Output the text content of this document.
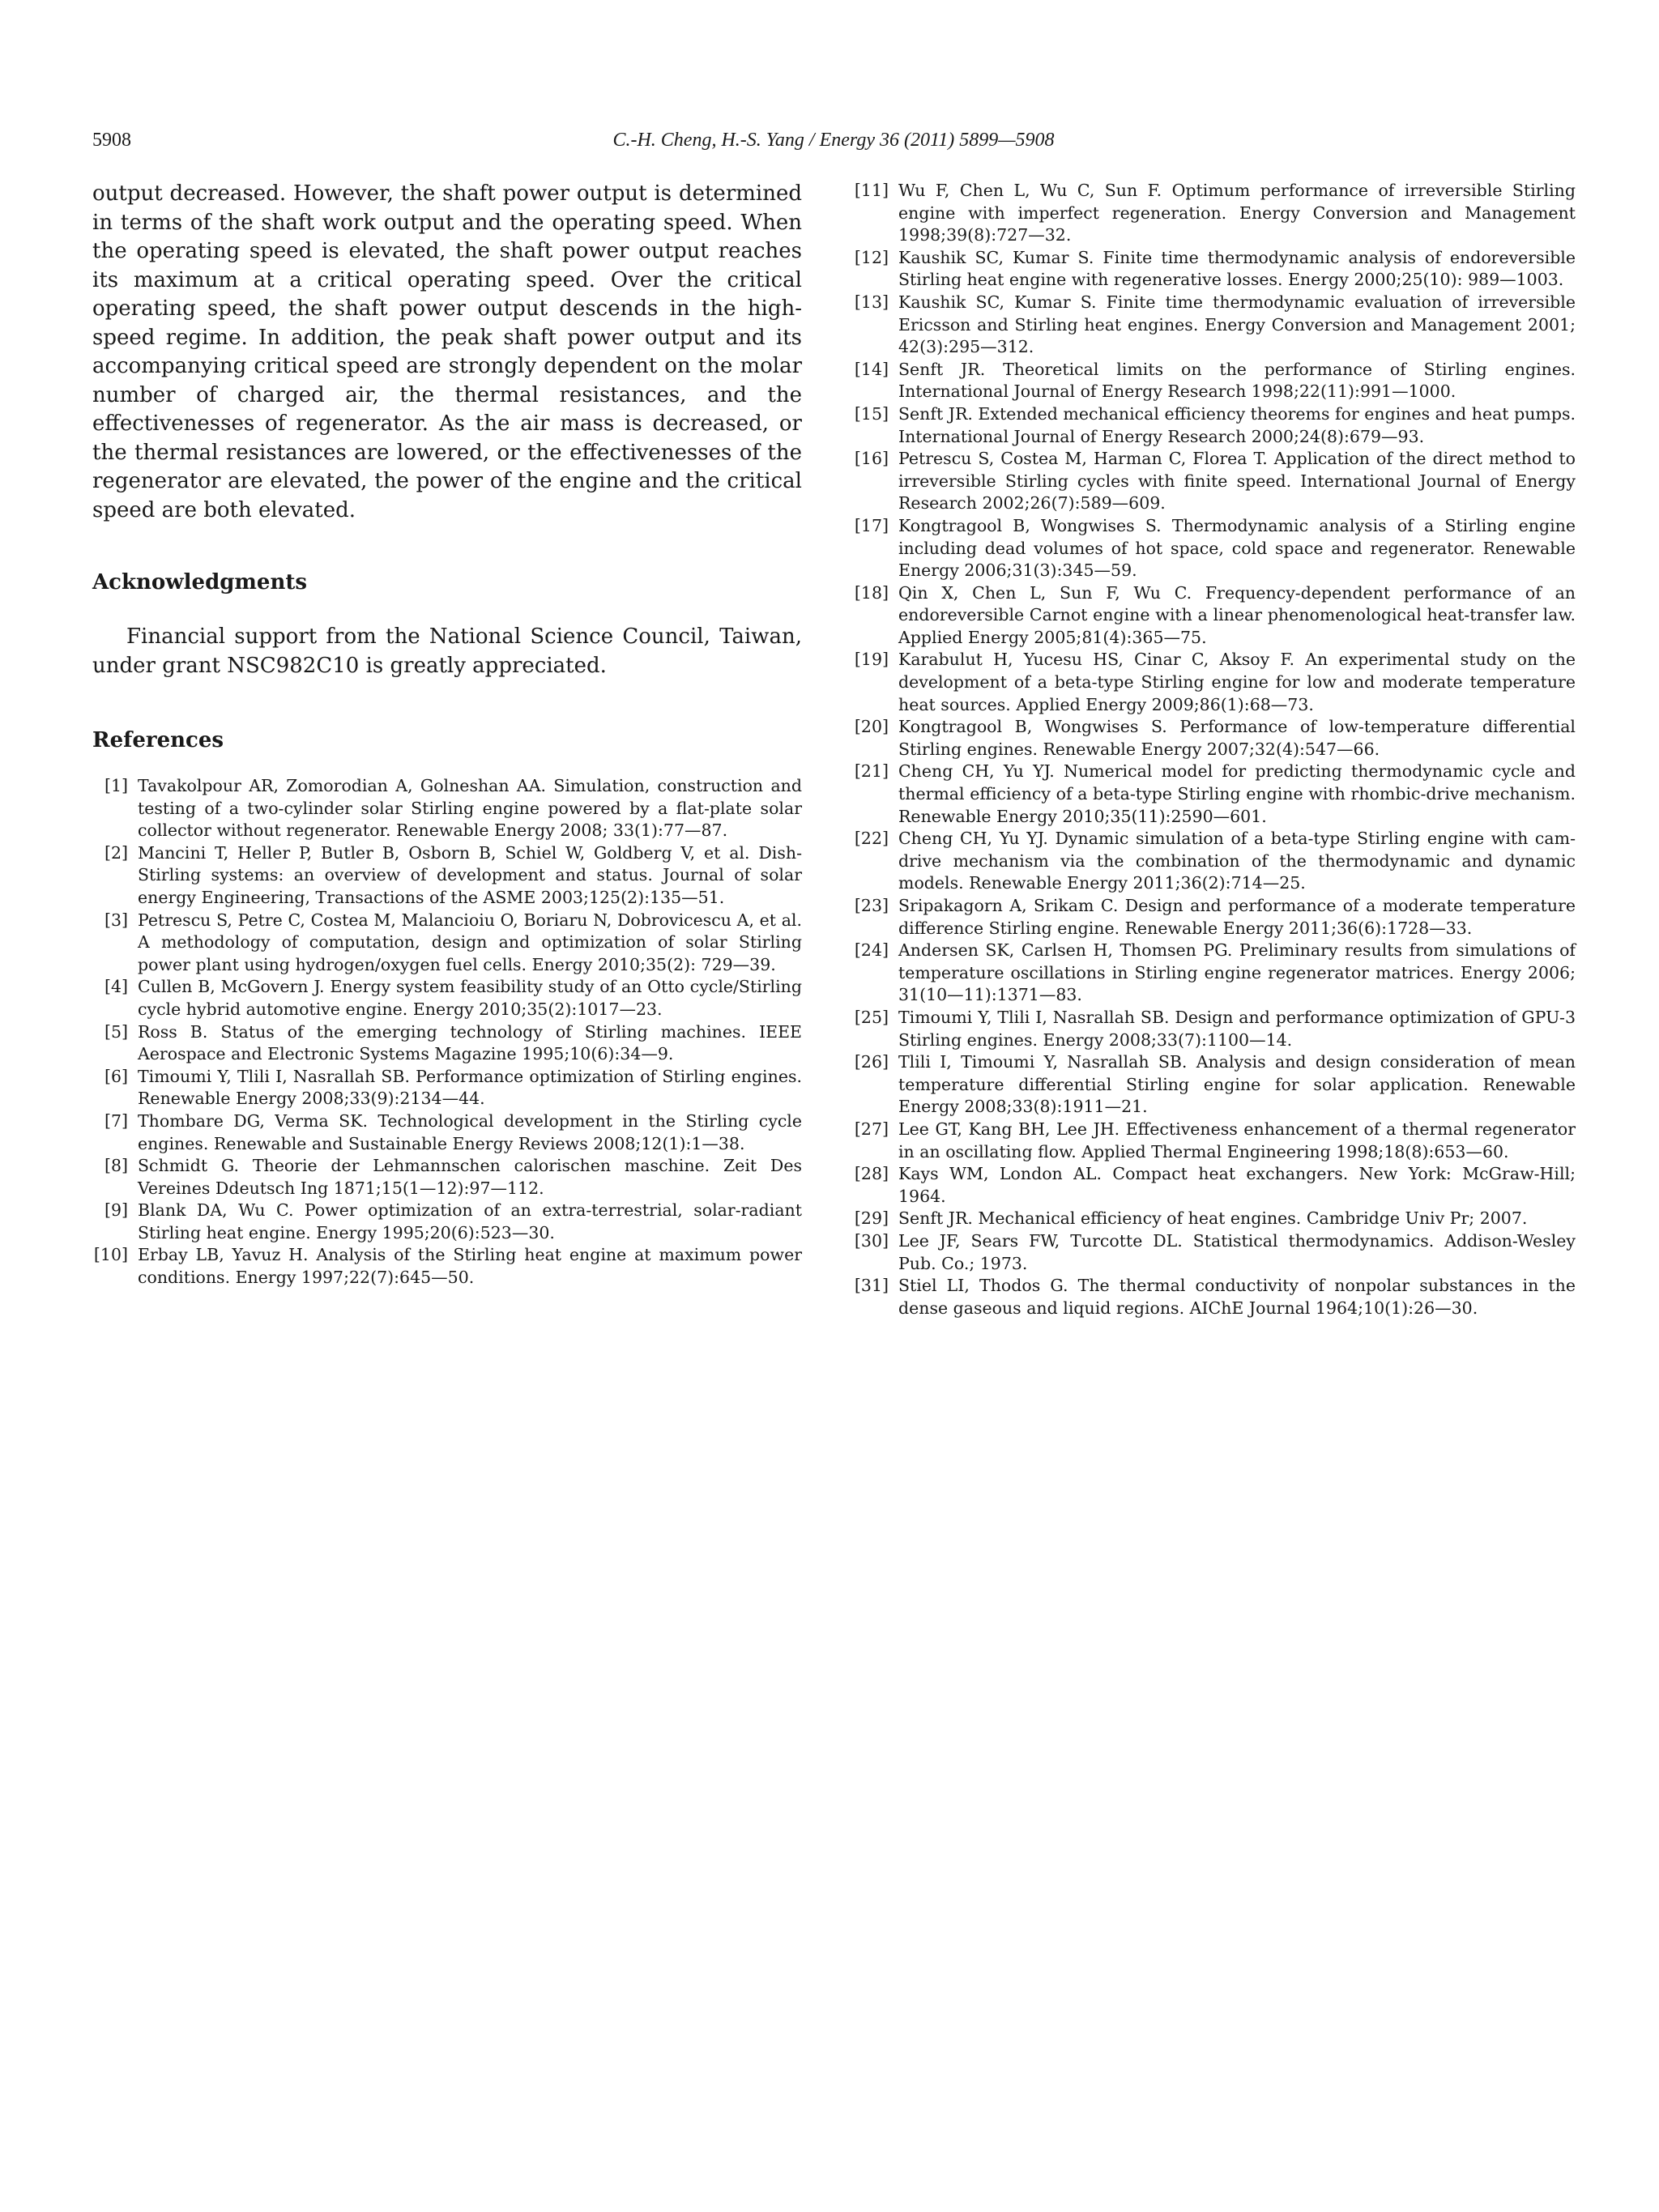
5908	C.-H. Cheng, H.-S. Yang / Energy 36 (2011) 5899—5908

output decreased. However, the shaft power output is determined in terms of the shaft work output and the operating speed. When the operating speed is elevated, the shaft power output reaches its maximum at a critical operating speed. Over the critical operating speed, the shaft power output descends in the high-speed regime. In addition, the peak shaft power output and its accompanying critical speed are strongly dependent on the molar number of charged air, the thermal resistances, and the effectivenesses of regenerator. As the air mass is decreased, or the thermal resistances are lowered, or the effectivenesses of the regenerator are elevated, the power of the engine and the critical speed are both elevated.

Acknowledgments

Financial support from the National Science Council, Taiwan, under grant NSC982C10 is greatly appreciated.

References
[1] Tavakolpour AR, Zomorodian A, Golneshan AA. Simulation, construction and testing of a two-cylinder solar Stirling engine powered by a flat-plate solar collector without regenerator. Renewable Energy 2008; 33(1):77—87.
[2] Mancini T, Heller P, Butler B, Osborn B, Schiel W, Goldberg V, et al. Dish-Stirling systems: an overview of development and status. Journal of solar energy Engineering, Transactions of the ASME 2003;125(2):135—51.
[3] Petrescu S, Petre C, Costea M, Malancioiu O, Boriaru N, Dobrovicescu A, et al. A methodology of computation, design and optimization of solar Stirling power plant using hydrogen/oxygen fuel cells. Energy 2010;35(2): 729—39.
[4] Cullen B, McGovern J. Energy system feasibility study of an Otto cycle/Stirling cycle hybrid automotive engine. Energy 2010;35(2):1017—23.
[5] Ross B. Status of the emerging technology of Stirling machines. IEEE Aerospace and Electronic Systems Magazine 1995;10(6):34—9.
[6] Timoumi Y, Tlili I, Nasrallah SB. Performance optimization of Stirling engines. Renewable Energy 2008;33(9):2134—44.
[7] Thombare DG, Verma SK. Technological development in the Stirling cycle engines. Renewable and Sustainable Energy Reviews 2008;12(1):1—38.
[8] Schmidt G. Theorie der Lehmannschen calorischen maschine. Zeit Des Vereines Ddeutsch Ing 1871;15(1—12):97—112.
[9] Blank DA, Wu C. Power optimization of an extra-terrestrial, solar-radiant Stirling heat engine. Energy 1995;20(6):523—30.
[10] Erbay LB, Yavuz H. Analysis of the Stirling heat engine at maximum power conditions. Energy 1997;22(7):645—50.
[11] Wu F, Chen L, Wu C, Sun F. Optimum performance of irreversible Stirling engine with imperfect regeneration. Energy Conversion and Management 1998;39(8):727—32.
[12] Kaushik SC, Kumar S. Finite time thermodynamic analysis of endoreversible Stirling heat engine with regenerative losses. Energy 2000;25(10): 989—1003.
[13] Kaushik SC, Kumar S. Finite time thermodynamic evaluation of irreversible Ericsson and Stirling heat engines. Energy Conversion and Management 2001; 42(3):295—312.
[14] Senft JR. Theoretical limits on the performance of Stirling engines. International Journal of Energy Research 1998;22(11):991—1000.
[15] Senft JR. Extended mechanical efficiency theorems for engines and heat pumps. International Journal of Energy Research 2000;24(8):679—93.
[16] Petrescu S, Costea M, Harman C, Florea T. Application of the direct method to irreversible Stirling cycles with finite speed. International Journal of Energy Research 2002;26(7):589—609.
[17] Kongtragool B, Wongwises S. Thermodynamic analysis of a Stirling engine including dead volumes of hot space, cold space and regenerator. Renewable Energy 2006;31(3):345—59.
[18] Qin X, Chen L, Sun F, Wu C. Frequency-dependent performance of an endoreversible Carnot engine with a linear phenomenological heat-transfer law. Applied Energy 2005;81(4):365—75.
[19] Karabulut H, Yucesu HS, Cinar C, Aksoy F. An experimental study on the development of a beta-type Stirling engine for low and moderate temperature heat sources. Applied Energy 2009;86(1):68—73.
[20] Kongtragool B, Wongwises S. Performance of low-temperature differential Stirling engines. Renewable Energy 2007;32(4):547—66.
[21] Cheng CH, Yu YJ. Numerical model for predicting thermodynamic cycle and thermal efficiency of a beta-type Stirling engine with rhombic-drive mechanism. Renewable Energy 2010;35(11):2590—601.
[22] Cheng CH, Yu YJ. Dynamic simulation of a beta-type Stirling engine with cam-drive mechanism via the combination of the thermodynamic and dynamic models. Renewable Energy 2011;36(2):714—25.
[23] Sripakagorn A, Srikam C. Design and performance of a moderate temperature difference Stirling engine. Renewable Energy 2011;36(6):1728—33.
[24] Andersen SK, Carlsen H, Thomsen PG. Preliminary results from simulations of temperature oscillations in Stirling engine regenerator matrices. Energy 2006; 31(10—11):1371—83.
[25] Timoumi Y, Tlili I, Nasrallah SB. Design and performance optimization of GPU-3 Stirling engines. Energy 2008;33(7):1100—14.
[26] Tlili I, Timoumi Y, Nasrallah SB. Analysis and design consideration of mean temperature differential Stirling engine for solar application. Renewable Energy 2008;33(8):1911—21.
[27] Lee GT, Kang BH, Lee JH. Effectiveness enhancement of a thermal regenerator in an oscillating flow. Applied Thermal Engineering 1998;18(8):653—60.
[28] Kays WM, London AL. Compact heat exchangers. New York: McGraw-Hill; 1964.
[29] Senft JR. Mechanical efficiency of heat engines. Cambridge Univ Pr; 2007.
[30] Lee JF, Sears FW, Turcotte DL. Statistical thermodynamics. Addison-Wesley Pub. Co.; 1973.
[31] Stiel LI, Thodos G. The thermal conductivity of nonpolar substances in the dense gaseous and liquid regions. AIChE Journal 1964;10(1):26—30.
